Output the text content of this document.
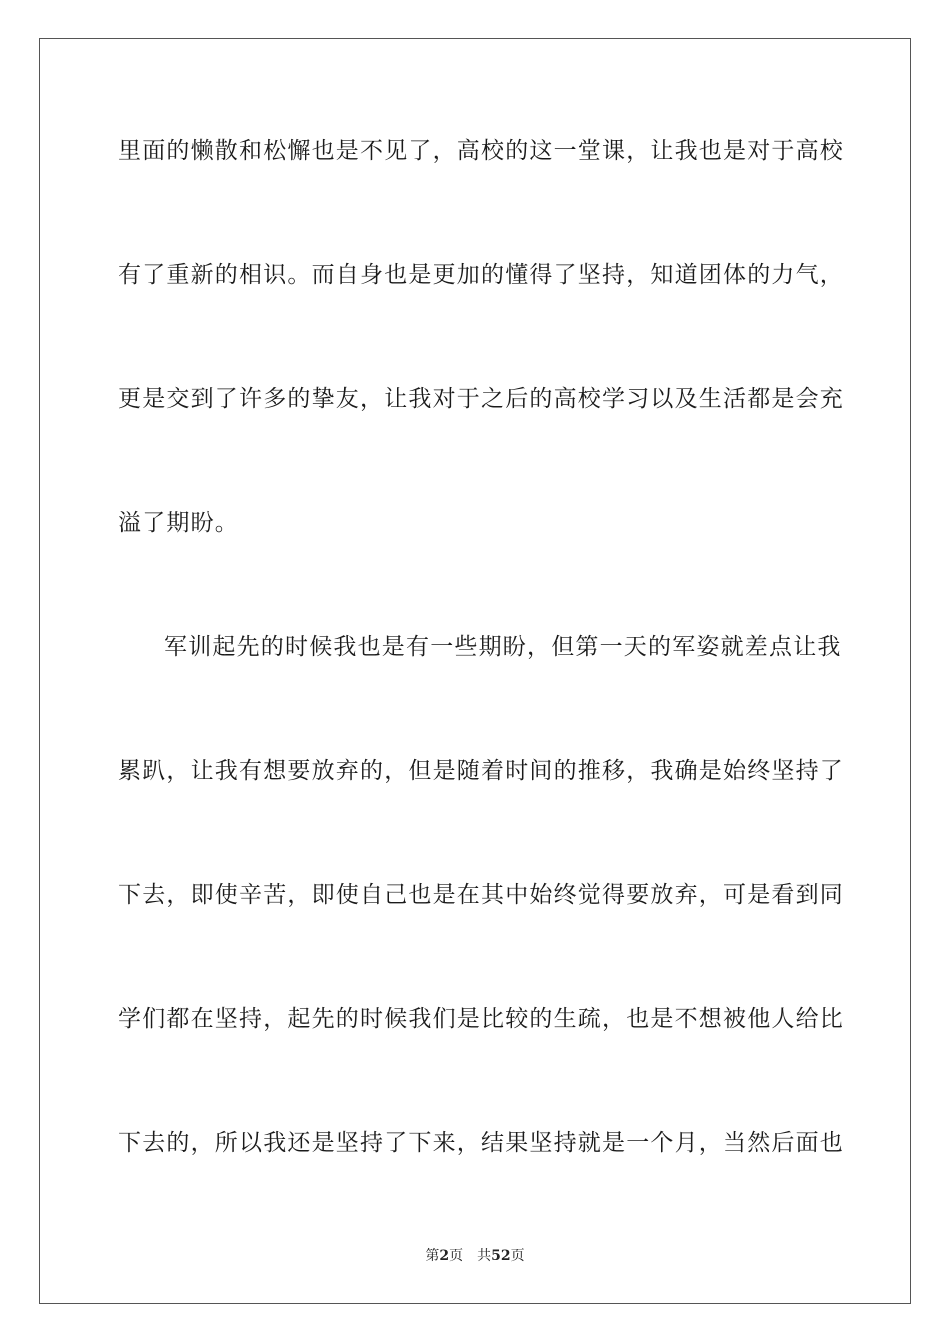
里面的懒散和松懈也是不见了，高校的这一堂课，让我也是对于高校
有了重新的相识。而自身也是更加的懂得了坚持，知道团体的力气，
更是交到了许多的挚友，让我对于之后的高校学习以及生活都是会充
溢了期盼。
军训起先的时候我也是有一些期盼，但第一天的军姿就差点让我
累趴，让我有想要放弃的，但是随着时间的推移，我确是始终坚持了
下去，即使辛苦，即使自己也是在其中始终觉得要放弃，可是看到同
学们都在坚持，起先的时候我们是比较的生疏，也是不想被他人给比
下去的，所以我还是坚持了下来，结果坚持就是一个月，当然后面也
第2页 共52页
